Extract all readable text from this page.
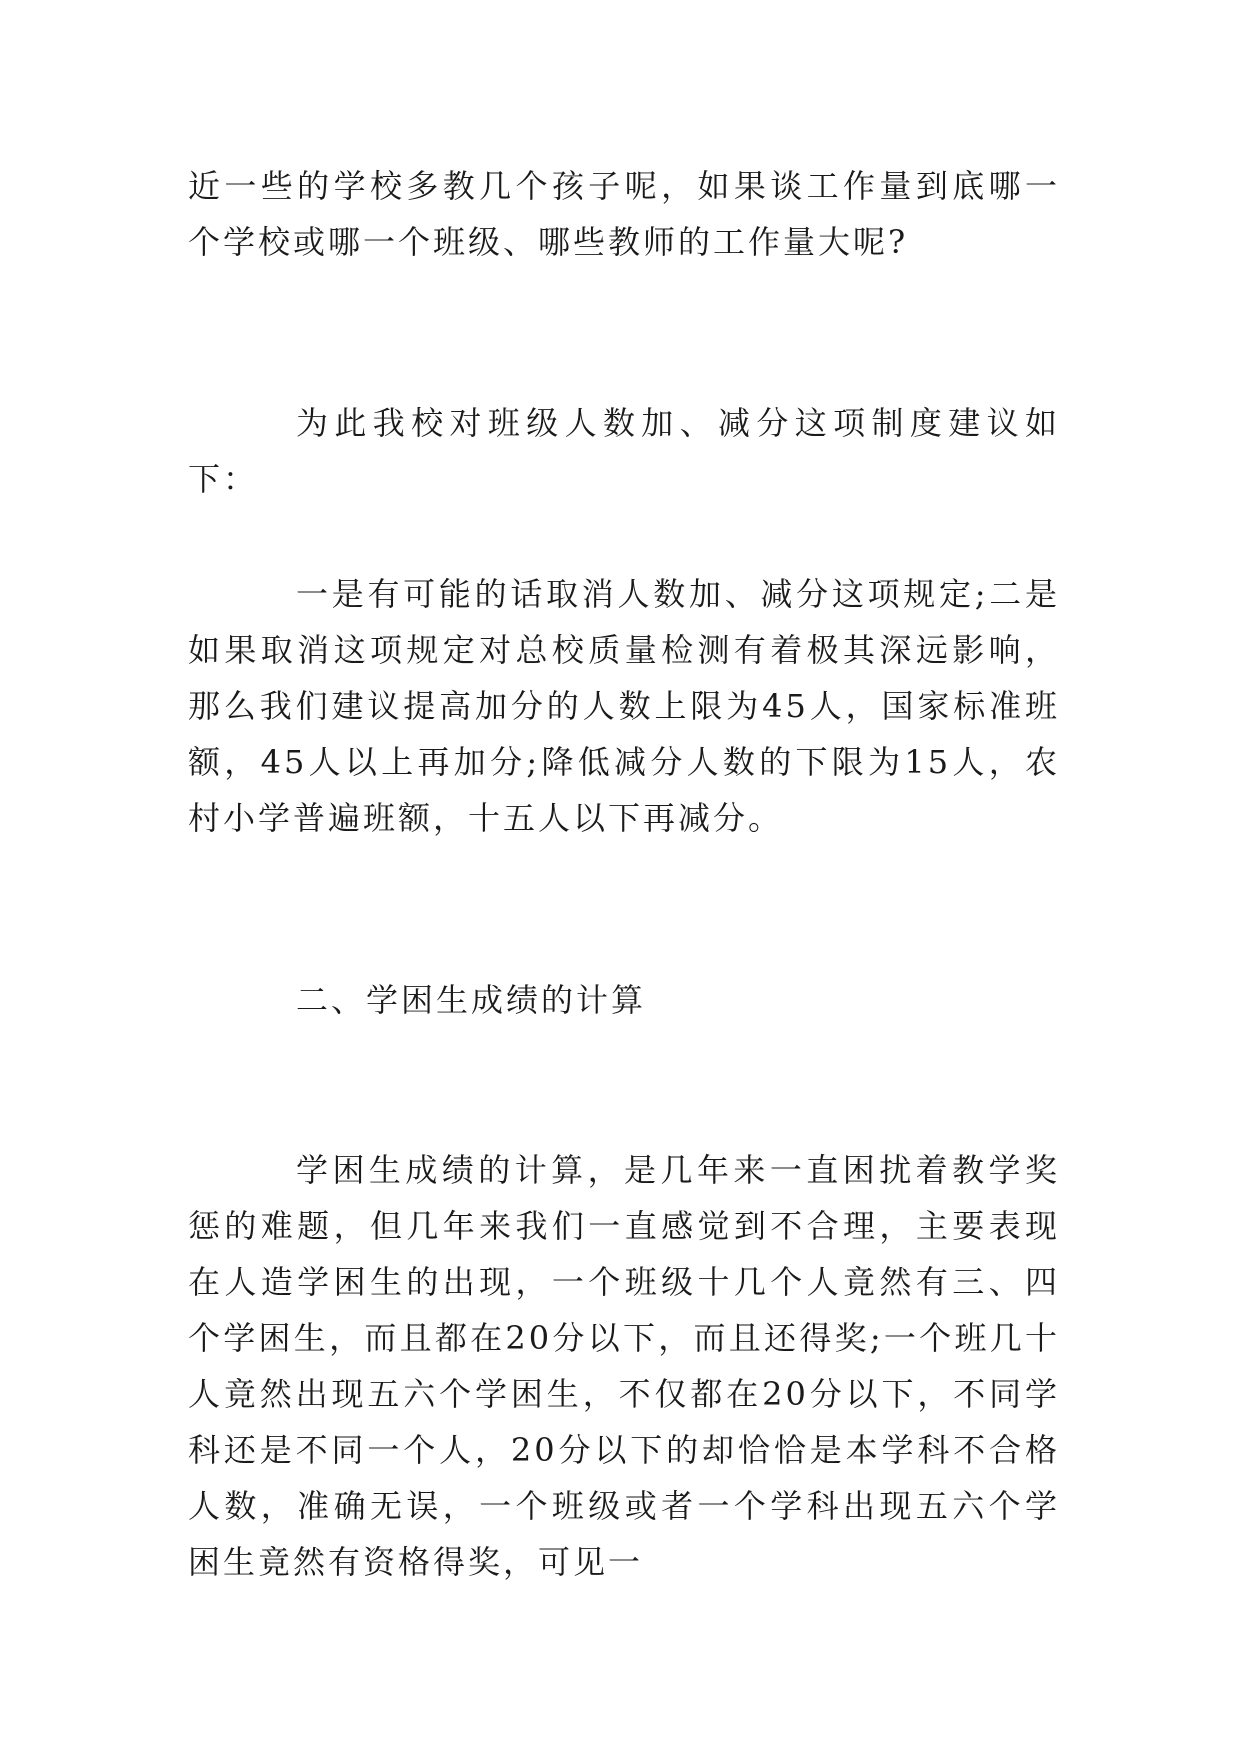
近一些的学校多教几个孩子呢，如果谈工作量到底哪一个学校或哪一个班级、哪些教师的工作量大呢?

为此我校对班级人数加、减分这项制度建议如下：

一是有可能的话取消人数加、减分这项规定;二是如果取消这项规定对总校质量检测有着极其深远影响，那么我们建议提高加分的人数上限为45人，国家标准班额，45人以上再加分;降低减分人数的下限为15人，农村小学普遍班额，十五人以下再减分。

二、学困生成绩的计算

学困生成绩的计算，是几年来一直困扰着教学奖惩的难题，但几年来我们一直感觉到不合理，主要表现在人造学困生的出现，一个班级十几个人竟然有三、四个学困生，而且都在20分以下，而且还得奖;一个班几十人竟然出现五六个学困生，不仅都在20分以下，不同学科还是不同一个人，20分以下的却恰恰是本学科不合格人数，准确无误，一个班级或者一个学科出现五六个学困生竟然有资格得奖，可见一
